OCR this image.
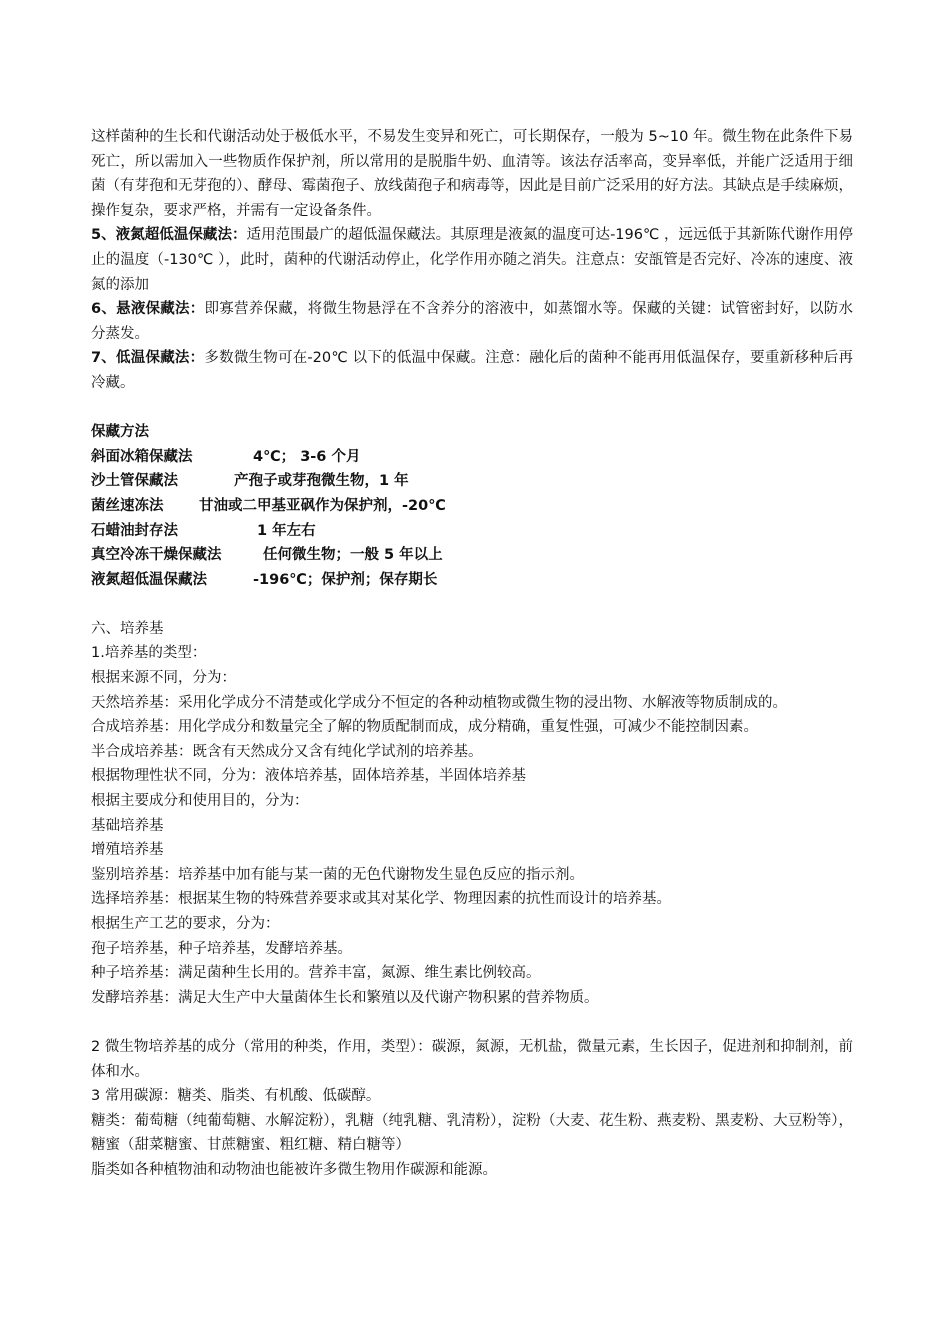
这样菌种的生长和代谢活动处于极低水平，不易发生变异和死亡，可长期保存，一般为 5~10 年。微生物在此条件下易死亡，所以需加入一些物质作保护剂，所以常用的是脱脂牛奶、血清等。该法存活率高，变异率低，并能广泛适用于细菌（有芽孢和无芽孢的）、酵母、霉菌孢子、放线菌孢子和病毒等，因此是目前广泛采用的好方法。其缺点是手续麻烦，操作复杂，要求严格，并需有一定设备条件。

5、液氮超低温保藏法：适用范围最广的超低温保藏法。其原理是液氮的温度可达-196℃ ，远远低于其新陈代谢作用停止的温度（-130℃ ），此时，菌种的代谢活动停止，化学作用亦随之消失。注意点：安瓿管是否完好、冷冻的速度、液氮的添加

6、悬液保藏法：即寡营养保藏，将微生物悬浮在不含养分的溶液中，如蒸馏水等。保藏的关键：试管密封好，以防水分蒸发。

7、低温保藏法：多数微生物可在-20℃ 以下的低温中保藏。注意：融化后的菌种不能再用低温保存，要重新移种后再冷藏。

保藏方法

斜面冰箱保藏法	4℃； 3-6 个月
沙土管保藏法	产孢子或芽孢微生物，1 年
菌丝速冻法	甘油或二甲基亚砜作为保护剂，-20℃
石蜡油封存法	1 年左右
真空冷冻干燥保藏法	任何微生物；一般 5 年以上
液氮超低温保藏法	-196℃；保护剂；保存期长

六、培养基

1.培养基的类型：

根据来源不同，分为：

天然培养基：采用化学成分不清楚或化学成分不恒定的各种动植物或微生物的浸出物、水解液等物质制成的。

合成培养基：用化学成分和数量完全了解的物质配制而成，成分精确，重复性强，可减少不能控制因素。

半合成培养基：既含有天然成分又含有纯化学试剂的培养基。

根据物理性状不同，分为：液体培养基，固体培养基，半固体培养基

根据主要成分和使用目的，分为：

基础培养基

增殖培养基

鉴别培养基：培养基中加有能与某一菌的无色代谢物发生显色反应的指示剂。

选择培养基：根据某生物的特殊营养要求或其对某化学、物理因素的抗性而设计的培养基。

根据生产工艺的要求，分为：

孢子培养基，种子培养基，发酵培养基。

种子培养基：满足菌种生长用的。营养丰富，氮源、维生素比例较高。

发酵培养基：满足大生产中大量菌体生长和繁殖以及代谢产物积累的营养物质。

2 微生物培养基的成分（常用的种类，作用，类型）：碳源，氮源，无机盐，微量元素，生长因子，促进剂和抑制剂，前体和水。

3 常用碳源：糖类、脂类、有机酸、低碳醇。

糖类：葡萄糖（纯葡萄糖、水解淀粉），乳糖（纯乳糖、乳清粉），淀粉（大麦、花生粉、燕麦粉、黑麦粉、大豆粉等），糖蜜（甜菜糖蜜、甘蔗糖蜜、粗红糖、精白糖等）

脂类如各种植物油和动物油也能被许多微生物用作碳源和能源。
